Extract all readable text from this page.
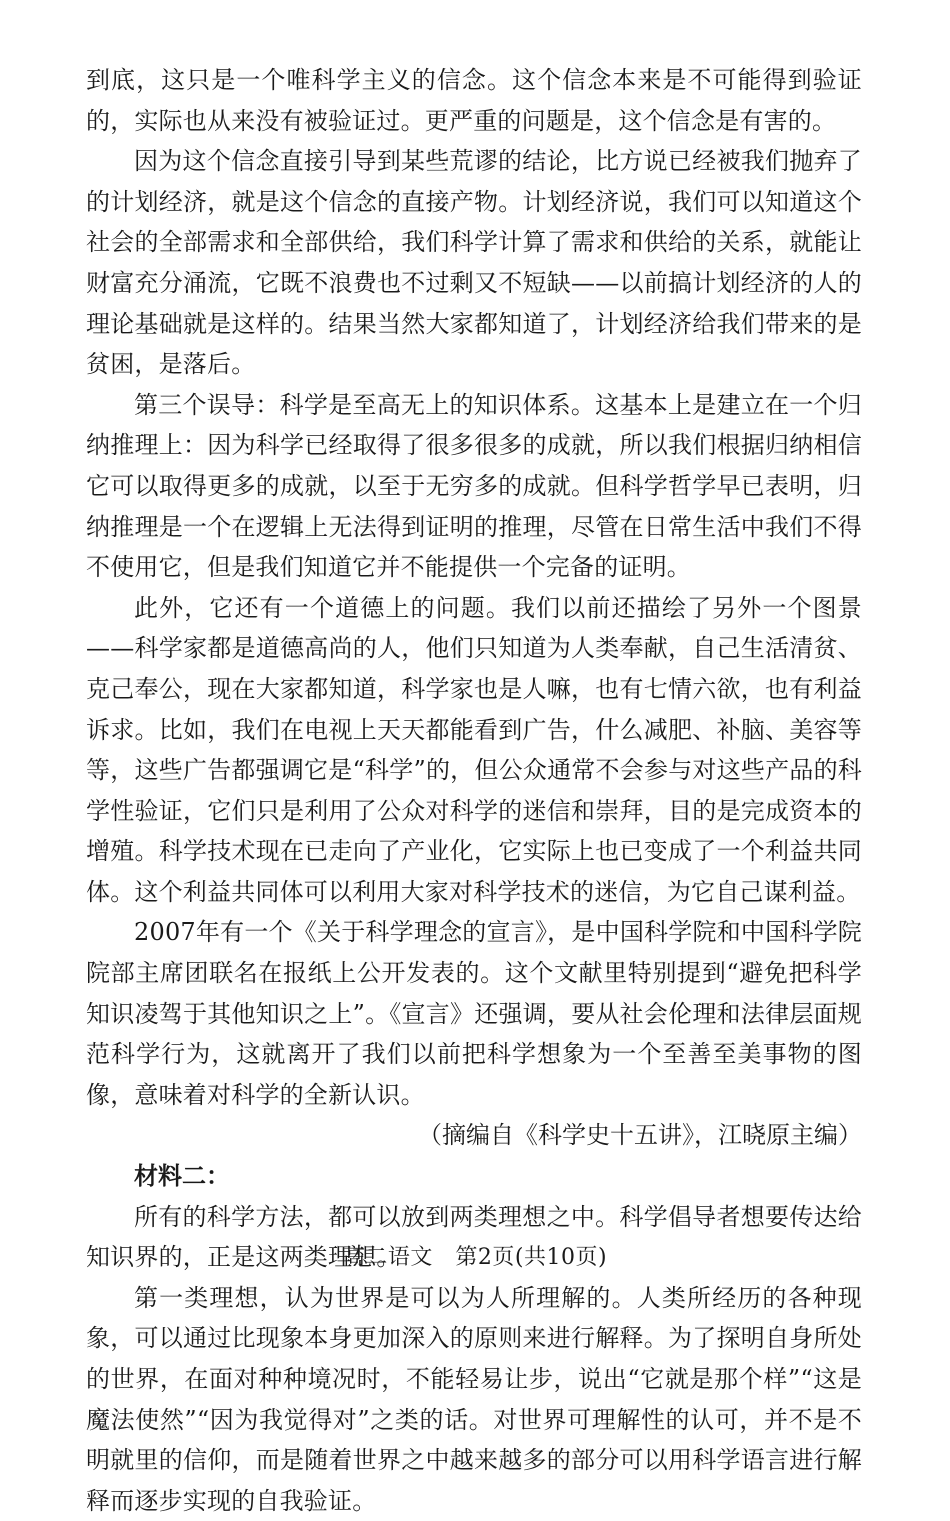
到底，这只是一个唯科学主义的信念。这个信念本来是不可能得到验证的，实际也从来没有被验证过。更严重的问题是，这个信念是有害的。

因为这个信念直接引导到某些荒谬的结论，比方说已经被我们抛弃了的计划经济，就是这个信念的直接产物。计划经济说，我们可以知道这个社会的全部需求和全部供给，我们科学计算了需求和供给的关系，就能让财富充分涌流，它既不浪费也不过剩又不短缺——以前搞计划经济的人的理论基础就是这样的。结果当然大家都知道了，计划经济给我们带来的是贫困，是落后。

第三个误导：科学是至高无上的知识体系。这基本上是建立在一个归纳推理上：因为科学已经取得了很多很多的成就，所以我们根据归纳相信它可以取得更多的成就，以至于无穷多的成就。但科学哲学早已表明，归纳推理是一个在逻辑上无法得到证明的推理，尽管在日常生活中我们不得不使用它，但是我们知道它并不能提供一个完备的证明。

此外，它还有一个道德上的问题。我们以前还描绘了另外一个图景——科学家都是道德高尚的人，他们只知道为人类奉献，自己生活清贫、克己奉公，现在大家都知道，科学家也是人嘛，也有七情六欲，也有利益诉求。比如，我们在电视上天天都能看到广告，什么减肥、补脑、美容等等，这些广告都强调它是“科学”的，但公众通常不会参与对这些产品的科学性验证，它们只是利用了公众对科学的迷信和崇拜，目的是完成资本的增殖。科学技术现在已走向了产业化，它实际上也已变成了一个利益共同体。这个利益共同体可以利用大家对科学技术的迷信，为它自己谋利益。

2007年有一个《关于科学理念的宣言》，是中国科学院和中国科学院院部主席团联名在报纸上公开发表的。这个文献里特别提到“避免把科学知识凌驾于其他知识之上”。《宣言》还强调，要从社会伦理和法律层面规范科学行为，这就离开了我们以前把科学想象为一个至善至美事物的图像，意味着对科学的全新认识。

（摘编自《科学史十五讲》，江晓原主编）

材料二：

所有的科学方法，都可以放到两类理想之中。科学倡导者想要传达给知识界的，正是这两类理想。

第一类理想，认为世界是可以为人所理解的。人类所经历的各种现象，可以通过比现象本身更加深入的原则来进行解释。为了探明自身所处的世界，在面对种种境况时，不能轻易让步，说出“它就是那个样”“这是魔法使然”“因为我觉得对”之类的话。对世界可理解性的认可，并不是不明就里的信仰，而是随着世界之中越来越多的部分可以用科学语言进行解释而逐步实现的自我验证。

高二语文　第2页(共10页)
